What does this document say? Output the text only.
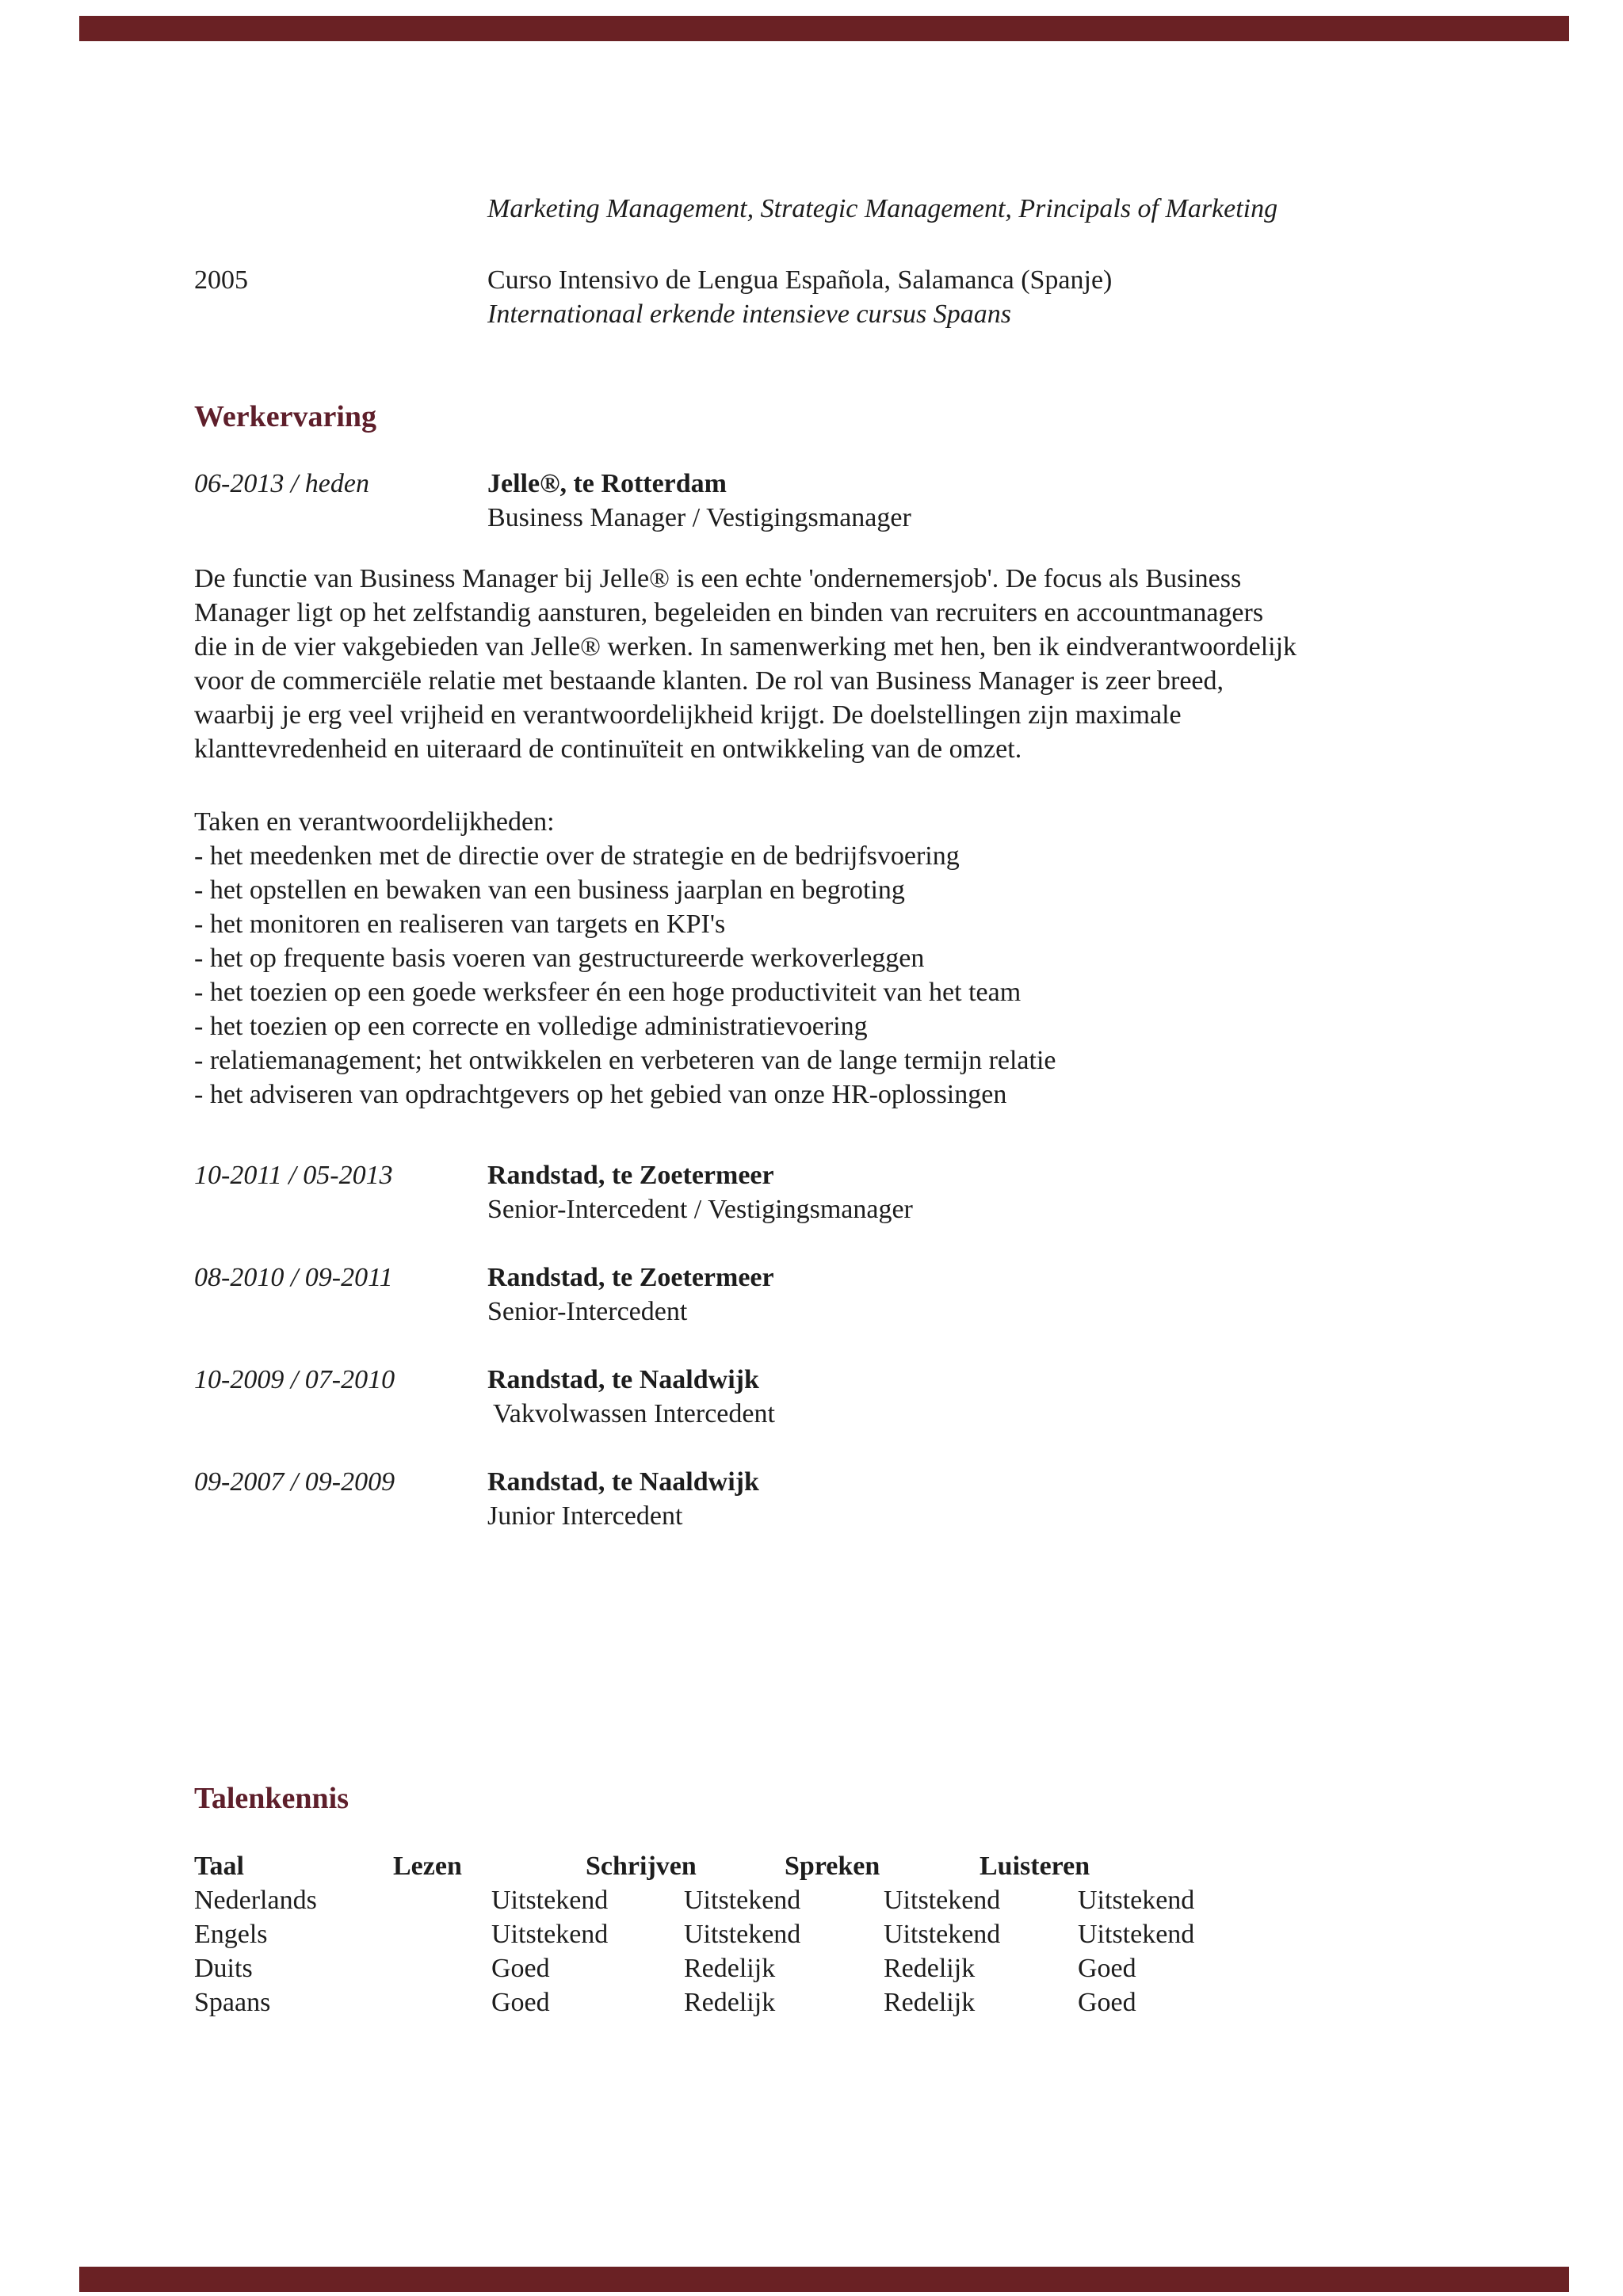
Marketing Management, Strategic Management, Principals of Marketing
2005	Curso Intensivo de Lengua Española, Salamanca (Spanje)
Internationaal erkende intensieve cursus Spaans
Werkervaring
06-2013 / heden	Jelle®, te Rotterdam
Business Manager / Vestigingsmanager
De functie van Business Manager bij Jelle® is een echte 'ondernemersjob'. De focus als Business
Manager ligt op het zelfstandig aansturen, begeleiden en binden van recruiters en accountmanagers
die in de vier vakgebieden van Jelle® werken. In samenwerking met hen, ben ik eindverantwoordelijk
voor de commerciële relatie met bestaande klanten. De rol van Business Manager is zeer breed,
waarbij je erg veel vrijheid en verantwoordelijkheid krijgt. De doelstellingen zijn maximale
klanttevredenheid en uiteraard de continuïteit en ontwikkeling van de omzet.
Taken en verantwoordelijkheden:
- het meedenken met de directie over de strategie en de bedrijfsvoering
- het opstellen en bewaken van een business jaarplan en begroting
- het monitoren en realiseren van targets en KPI's
- het op frequente basis voeren van gestructureerde werkoverleggen
- het toezien op een goede werksfeer én een hoge productiviteit van het team
- het toezien op een correcte en volledige administratievoering
- relatiemanagement; het ontwikkelen en verbeteren van de lange termijn relatie
- het adviseren van opdrachtgevers op het gebied van onze HR-oplossingen
10-2011 / 05-2013	Randstad, te Zoetermeer
Senior-Intercedent / Vestigingsmanager
08-2010 / 09-2011	Randstad, te Zoetermeer
Senior-Intercedent
10-2009 / 07-2010	Randstad, te Naaldwijk
Vakvolwassen Intercedent
09-2007 / 09-2009	Randstad, te Naaldwijk
Junior Intercedent
Talenkennis
Taal	Lezen	Schrijven	Spreken	Luisteren
Nederlands	Uitstekend	Uitstekend	Uitstekend	Uitstekend
Engels	Uitstekend	Uitstekend	Uitstekend	Uitstekend
Duits	Goed	Redelijk	Redelijk	Goed
Spaans	Goed	Redelijk	Redelijk	Goed
